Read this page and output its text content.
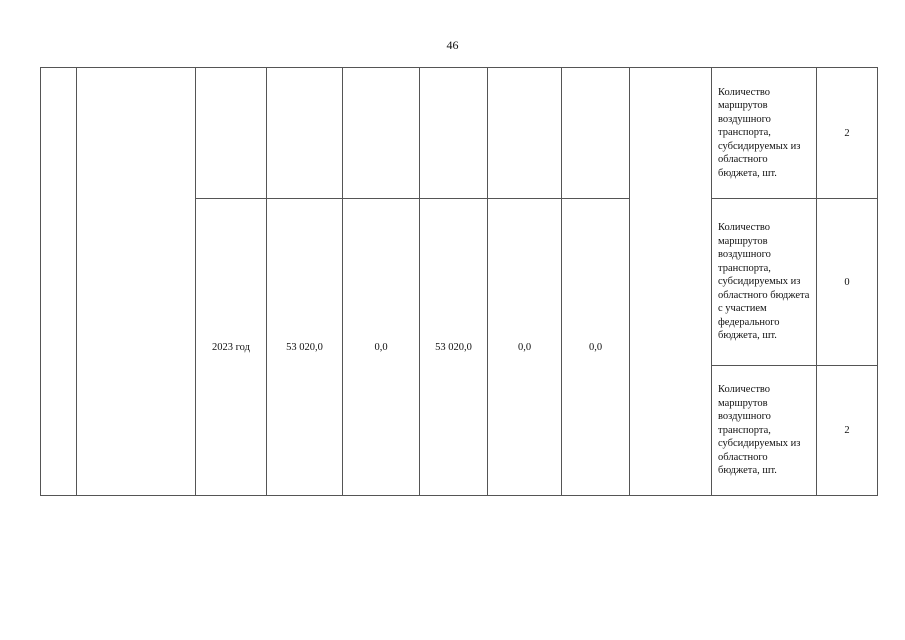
46
									Количество маршрутов воздушного транспорта, субсидируемых из областного бюджета, шт.	2
		2023 год	53 020,0	0,0	53 020,0	0,0	0,0		Количество маршрутов воздушного транспорта, субсидируемых из областного бюджета с участием федерального бюджета, шт.	0
									Количество маршрутов воздушного транспорта, субсидируемых из областного бюджета, шт.	2
